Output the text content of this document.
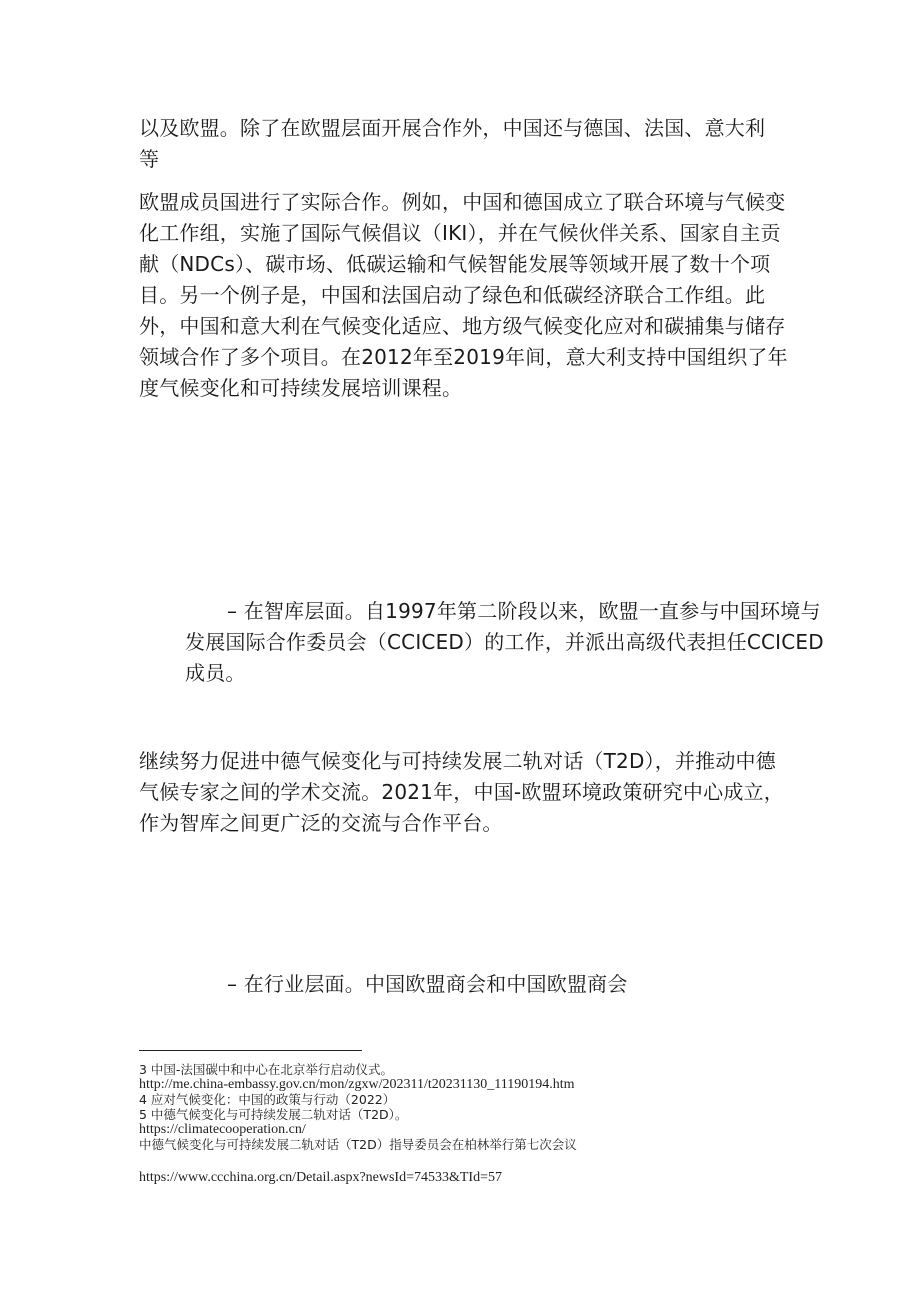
以及欧盟。除了在欧盟层面开展合作外，中国还与德国、法国、意大利等

欧盟成员国进行了实际合作。例如，中国和德国成立了联合环境与气候变化工作组，实施了国际气候倡议（IKI），并在气候伙伴关系、国家自主贡献（NDCs）、碳市场、低碳运输和气候智能发展等领域开展了数十个项目。另一个例子是，中国和法国启动了绿色和低碳经济联合工作组。此外，中国和意大利在气候变化适应、地方级气候变化应对和碳捕集与储存领域合作了多个项目。在2012年至2019年间，意大利支持中国组织了年度气候变化和可持续发展培训课程。

– 在智库层面。自1997年第二阶段以来，欧盟一直参与中国环境与发展国际合作委员会（CCICED）的工作，并派出高级代表担任CCICED成员。

继续努力促进中德气候变化与可持续发展二轨对话（T2D），并推动中德气候专家之间的学术交流。2021年，中国-欧盟环境政策研究中心成立，作为智库之间更广泛的交流与合作平台。

– 在行业层面。中国欧盟商会和中国欧盟商会

3 中国-法国碳中和中心在北京举行启动仪式。
http://me.china-embassy.gov.cn/mon/zgxw/202311/t20231130_11190194.htm
4 应对气候变化：中国的政策与行动（2022）
5 中德气候变化与可持续发展二轨对话（T2D）。
https://climatecooperation.cn/
中德气候变化与可持续发展二轨对话（T2D）指导委员会在柏林举行第七次会议
https://www.ccchina.org.cn/Detail.aspx?newsId=74533&TId=57
